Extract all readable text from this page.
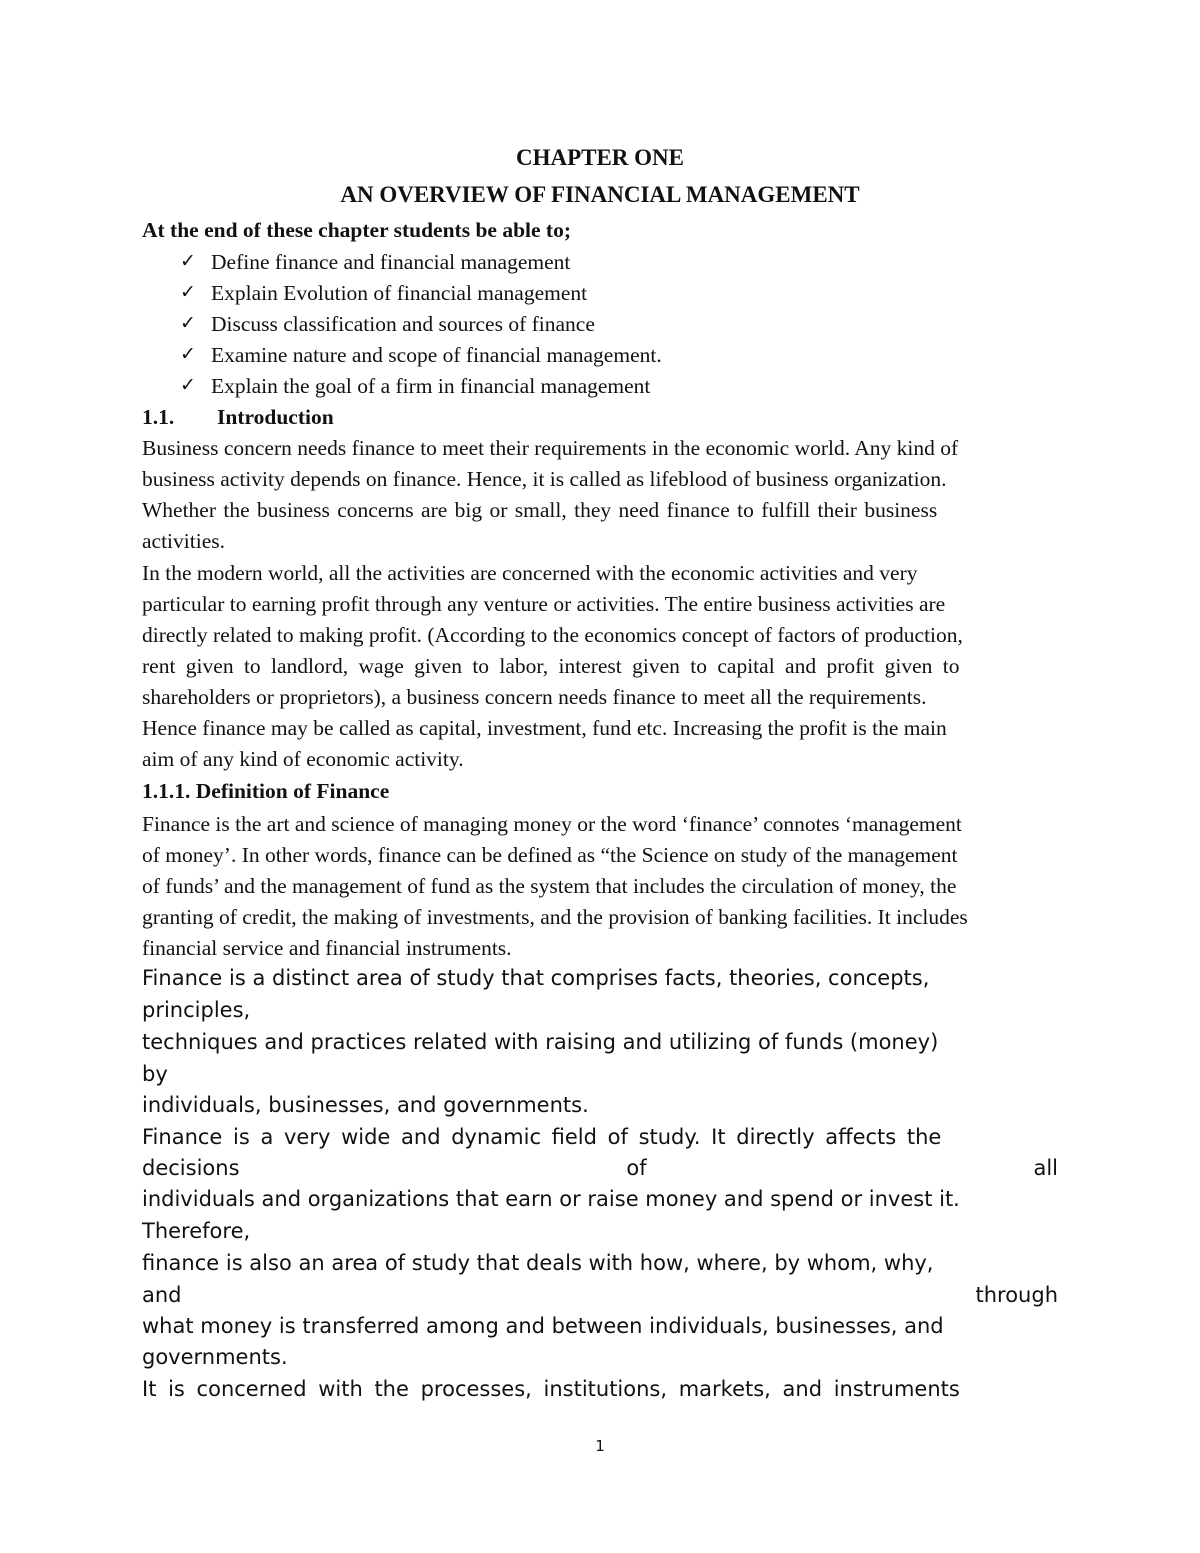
CHAPTER ONE
AN OVERVIEW OF FINANCIAL MANAGEMENT
At the end of these chapter students be able to;
✓ Define finance and financial management
✓ Explain Evolution of financial management
✓ Discuss classification and sources of finance
✓ Examine nature and scope of financial management.
✓ Explain the goal of a firm in financial management
1.1. Introduction
Business concern needs finance to meet their requirements in the economic world. Any kind of
business activity depends on finance. Hence, it is called as lifeblood of business organization.
Whether the business concerns are big or small, they need finance to fulfill their business
activities.
In the modern world, all the activities are concerned with the economic activities and very
particular to earning profit through any venture or activities. The entire business activities are
directly related to making profit. (According to the economics concept of factors of production,
rent given to landlord, wage given to labor, interest given to capital and profit given to
shareholders or proprietors), a business concern needs finance to meet all the requirements.
Hence finance may be called as capital, investment, fund etc. Increasing the profit is the main
aim of any kind of economic activity.
1.1.1. Definition of Finance
Finance is the art and science of managing money or the word ‘finance’ connotes ‘management
of money’. In other words, finance can be defined as “the Science on study of the management
of funds’ and the management of fund as the system that includes the circulation of money, the
granting of credit, the making of investments, and the provision of banking facilities. It includes
financial service and financial instruments.
Finance is a distinct area of study that comprises facts, theories, concepts,
principles,
techniques and practices related with raising and utilizing of funds (money)
by
individuals, businesses, and governments.
Finance is a very wide and dynamic field of study. It directly affects the
decisions	of	all
individuals and organizations that earn or raise money and spend or invest it.
Therefore,
finance is also an area of study that deals with how, where, by whom, why,
and	through
what money is transferred among and between individuals, businesses, and
governments.
It is concerned with the processes, institutions, markets, and instruments
1
